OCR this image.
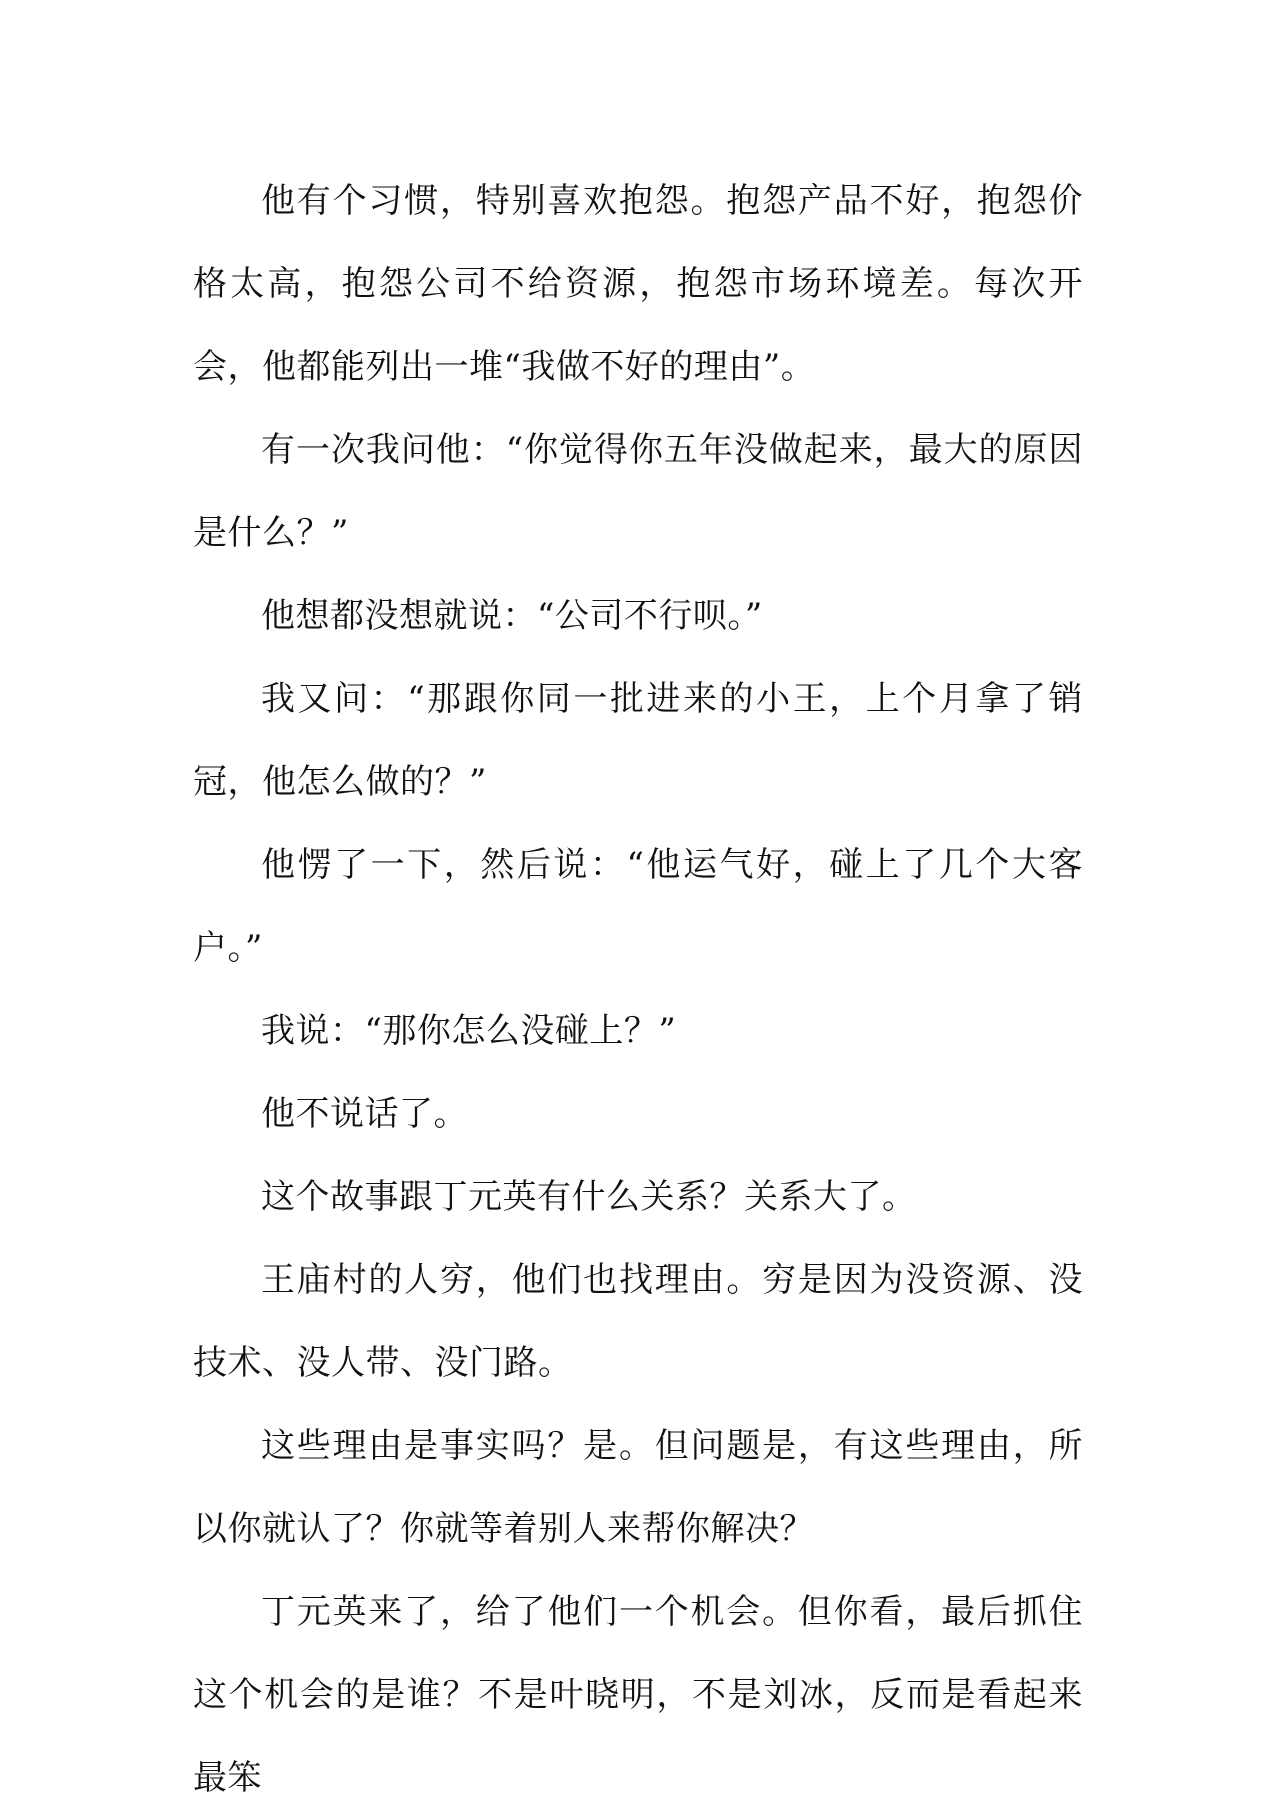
他有个习惯，特别喜欢抱怨。抱怨产品不好，抱怨价格太高，抱怨公司不给资源，抱怨市场环境差。每次开会，他都能列出一堆“我做不好的理由”。

有一次我问他：“你觉得你五年没做起来，最大的原因是什么？”

他想都没想就说：“公司不行呗。”

我又问：“那跟你同一批进来的小王，上个月拿了销冠，他怎么做的？”

他愣了一下，然后说：“他运气好，碰上了几个大客户。”

我说：“那你怎么没碰上？”

他不说话了。

这个故事跟丁元英有什么关系？关系大了。

王庙村的人穷，他们也找理由。穷是因为没资源、没技术、没人带、没门路。

这些理由是事实吗？是。但问题是，有这些理由，所以你就认了？你就等着别人来帮你解决？

丁元英来了，给了他们一个机会。但你看，最后抓住这个机会的是谁？不是叶晓明，不是刘冰，反而是看起来最笨
